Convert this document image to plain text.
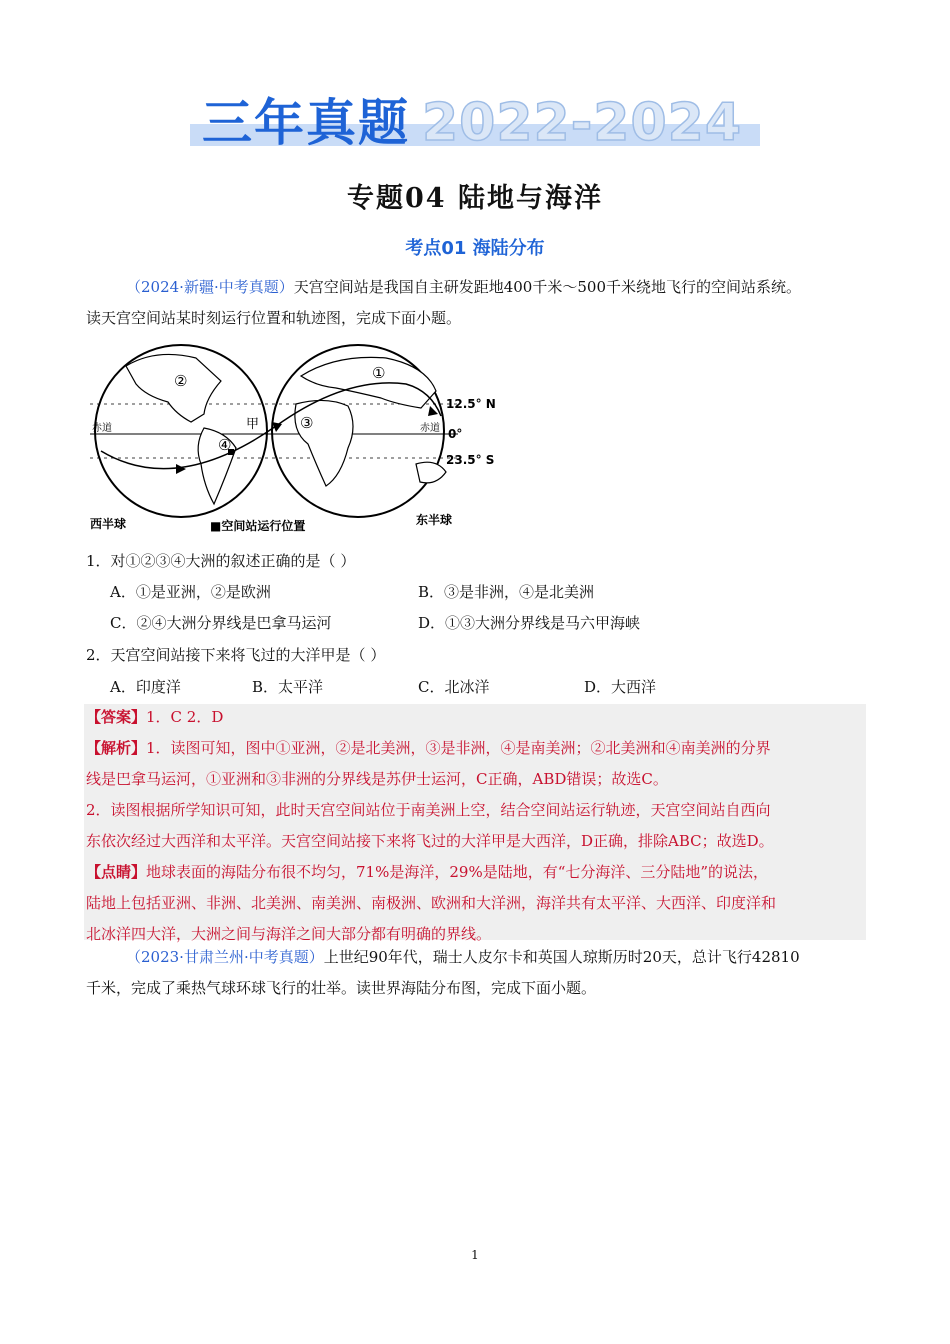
三年真题 2022-2024
专题04 陆地与海洋
考点01 海陆分布
（2024·新疆·中考真题）天宫空间站是我国自主研发距地400千米～500千米绕地飞行的空间站系统。
读天宫空间站某时刻运行位置和轨迹图，完成下面小题。
②
④
①
③
甲
赤道	赤道
12.5° N
0°
23.5° S
西半球	■空间站运行位置	东半球
1．对①②③④大洲的叙述正确的是（ ）
A．①是亚洲，②是欧洲	B．③是非洲，④是北美洲
C．②④大洲分界线是巴拿马运河	D．①③大洲分界线是马六甲海峡
2．天宫空间站接下来将飞过的大洋甲是（ ）
A．印度洋	B．太平洋	C．北冰洋	D．大西洋
【答案】1．C 2．D
【解析】1．读图可知，图中①亚洲，②是北美洲，③是非洲，④是南美洲；②北美洲和④南美洲的分界
线是巴拿马运河，①亚洲和③非洲的分界线是苏伊士运河，C正确，ABD错误；故选C。
2．读图根据所学知识可知，此时天宫空间站位于南美洲上空，结合空间站运行轨迹，天宫空间站自西向
东依次经过大西洋和太平洋。天宫空间站接下来将飞过的大洋甲是大西洋，D正确，排除ABC；故选D。
【点睛】地球表面的海陆分布很不均匀，71%是海洋，29%是陆地，有“七分海洋、三分陆地”的说法，
陆地上包括亚洲、非洲、北美洲、南美洲、南极洲、欧洲和大洋洲，海洋共有太平洋、大西洋、印度洋和
北冰洋四大洋，大洲之间与海洋之间大部分都有明确的界线。
（2023·甘肃兰州·中考真题）上世纪90年代，瑞士人皮尔卡和英国人琼斯历时20天，总计飞行42810
千米，完成了乘热气球环球飞行的壮举。读世界海陆分布图，完成下面小题。
1
